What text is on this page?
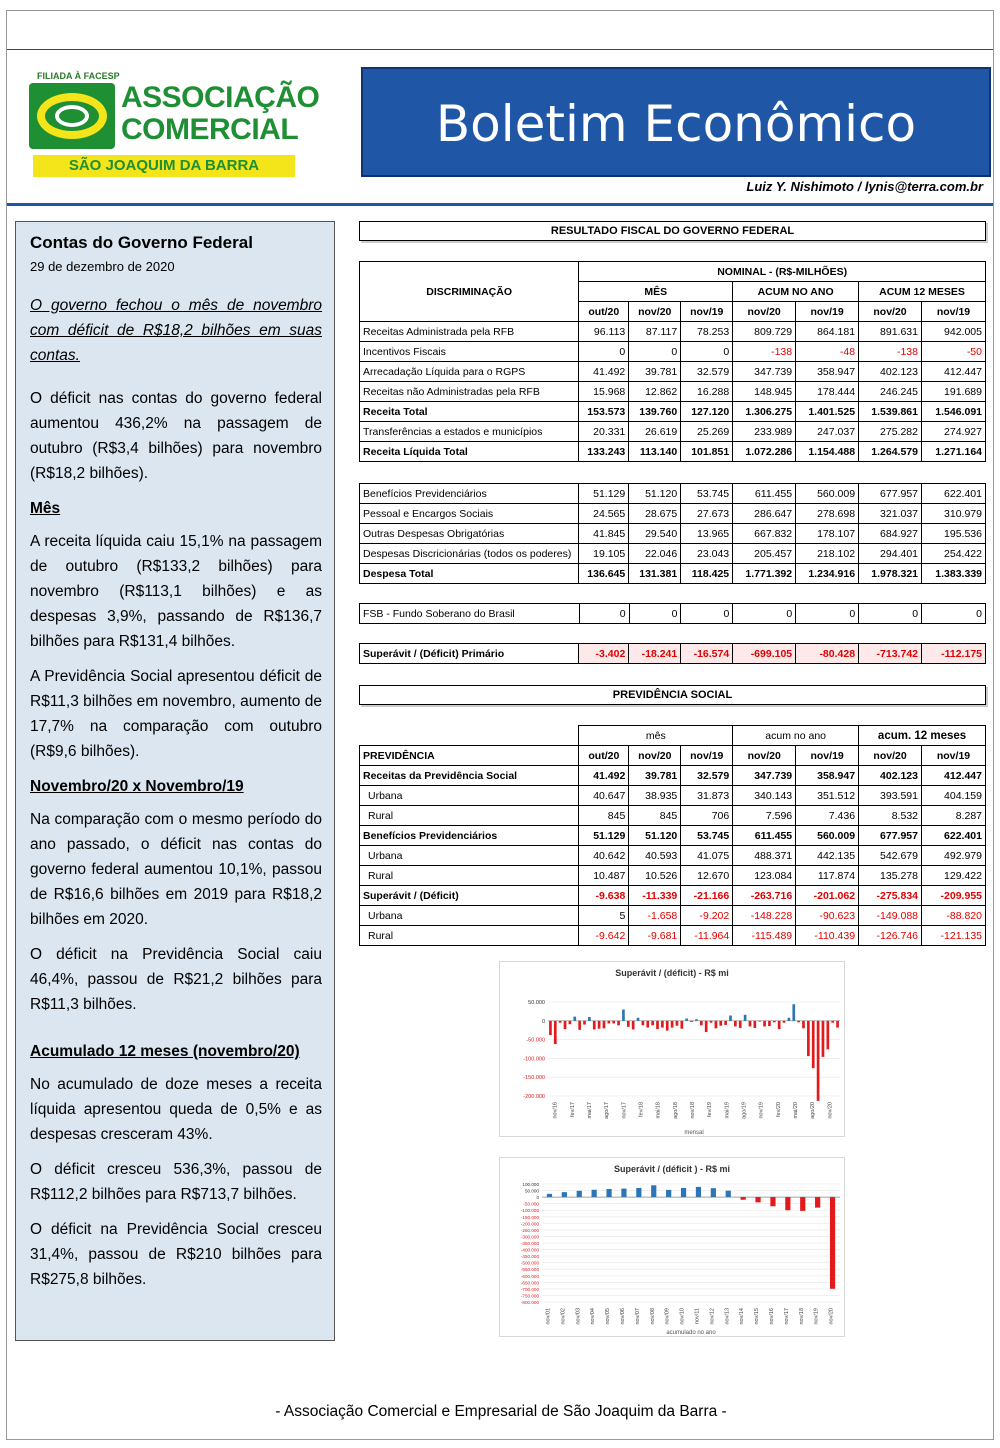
FILIADA À FACESP
ASSOCIAÇÃO
COMERCIAL
SÃO JOAQUIM DA BARRA
Boletim Econômico
Luiz Y. Nishimoto / lynis@terra.com.br
Contas do Governo Federal
29 de dezembro de 2020

O governo fechou o mês de novembro com déficit de R$18,2 bilhões em suas contas.

O déficit nas contas do governo federal aumentou 436,2% na passagem de outubro (R$3,4 bilhões) para novembro (R$18,2 bilhões).

Mês

A receita líquida caiu 15,1% na passagem de outubro (R$133,2 bilhões) para novembro (R$113,1 bilhões) e as despesas 3,9%, passando de R$136,7 bilhões para R$131,4 bilhões.

A Previdência Social apresentou déficit de R$11,3 bilhões em novembro, aumento de 17,7% na comparação com outubro (R$9,6 bilhões).

Novembro/20 x Novembro/19

Na comparação com o mesmo período do ano passado, o déficit nas contas do governo federal aumentou 10,1%, passou de R$16,6 bilhões em 2019 para R$18,2 bilhões em 2020.

O déficit na Previdência Social caiu 46,4%, passou de R$21,2 bilhões para R$11,3 bilhões.

Acumulado 12 meses (novembro/20)

No acumulado de doze meses a receita líquida apresentou queda de 0,5% e as despesas cresceram 43%.

O déficit cresceu 536,3%, passou de R$112,2 bilhões para R$713,7 bilhões.

O déficit na Previdência Social cresceu 31,4%, passou de R$210 bilhões para R$275,8 bilhões.

RESULTADO FISCAL DO GOVERNO FEDERAL
DISCRIMINAÇÃO	NOMINAL - (R$-MILHÕES)						
	MÊS			ACUM NO ANO		ACUM 12 MESES	
	out/20	nov/20	nov/19	nov/20	nov/19	nov/20	nov/19
Receitas Administrada pela RFB	96.113	87.117	78.253	809.729	864.181	891.631	942.005
Incentivos Fiscais	0	0	0	-138	-48	-138	-50
Arrecadação Líquida para o RGPS	41.492	39.781	32.579	347.739	358.947	402.123	412.447
Receitas não Administradas pela RFB	15.968	12.862	16.288	148.945	178.444	246.245	191.689
Receita Total	153.573	139.760	127.120	1.306.275	1.401.525	1.539.861	1.546.091
Transferências a estados e municípios	20.331	26.619	25.269	233.989	247.037	275.282	274.927
Receita Líquida Total	133.243	113.140	101.851	1.072.286	1.154.488	1.264.579	1.271.164
Benefícios Previdenciários	51.129	51.120	53.745	611.455	560.009	677.957	622.401
Pessoal e Encargos Sociais	24.565	28.675	27.673	286.647	278.698	321.037	310.979
Outras Despesas Obrigatórias	41.845	29.540	13.965	667.832	178.107	684.927	195.536
Despesas Discricionárias (todos os poderes)	19.105	22.046	23.043	205.457	218.102	294.401	254.422
Despesa Total	136.645	131.381	118.425	1.771.392	1.234.916	1.978.321	1.383.339
FSB - Fundo Soberano do Brasil	0	0	0	0	0	0	0
Superávit / (Déficit) Primário	-3.402	-18.241	-16.574	-699.105	-80.428	-713.742	-112.175
PREVIDÊNCIA SOCIAL
	mês			acum no ano		acum. 12 meses	
PREVIDÊNCIA	out/20	nov/20	nov/19	nov/20	nov/19	nov/20	nov/19
Receitas da Previdência Social	41.492	39.781	32.579	347.739	358.947	402.123	412.447
Urbana	40.647	38.935	31.873	340.143	351.512	393.591	404.159
Rural	845	845	706	7.596	7.436	8.532	8.287
Benefícios Previdenciários	51.129	51.120	53.745	611.455	560.009	677.957	622.401
Urbana	40.642	40.593	41.075	488.371	442.135	542.679	492.979
Rural	10.487	10.526	12.670	123.084	117.874	135.278	129.422
Superávit / (Déficit)	-9.638	-11.339	-21.166	-263.716	-201.062	-275.834	-209.955
Urbana	5	-1.658	-9.202	-148.228	-90.623	-149.088	-88.820
Rural	-9.642	-9.681	-11.964	-115.489	-110.439	-126.746	-121.135
Superávit / (déficit) - R$ mi
50.000
0
-50.000
-100.000
-150.000
-200.000
nov/16 fev/17 mai/17 ago/17 nov/17 fev/18 mai/18 ago/18 nov/18 fev/19 mai/19 ago/19 nov/19 fev/20 mai/20 ago/20 nov/20
mensal
Superávit / (déficit ) - R$ mi
100.000
50.000
0
-50.000
-100.000
-150.000
-200.000
-250.000
-300.000
-350.000
-400.000
-450.000
-500.000
-550.000
-600.000
-650.000
-700.000
-750.000
-800.000
nov/01 nov/02 nov/03 nov/04 nov/05 nov/06 nov/07 nov/08 nov/09 nov/10 nov/11 nov/12 nov/13 nov/14 nov/15 nov/16 nov/17 nov/18 nov/19 nov/20
acumulado no ano
- Associação Comercial e Empresarial de São Joaquim da Barra -
